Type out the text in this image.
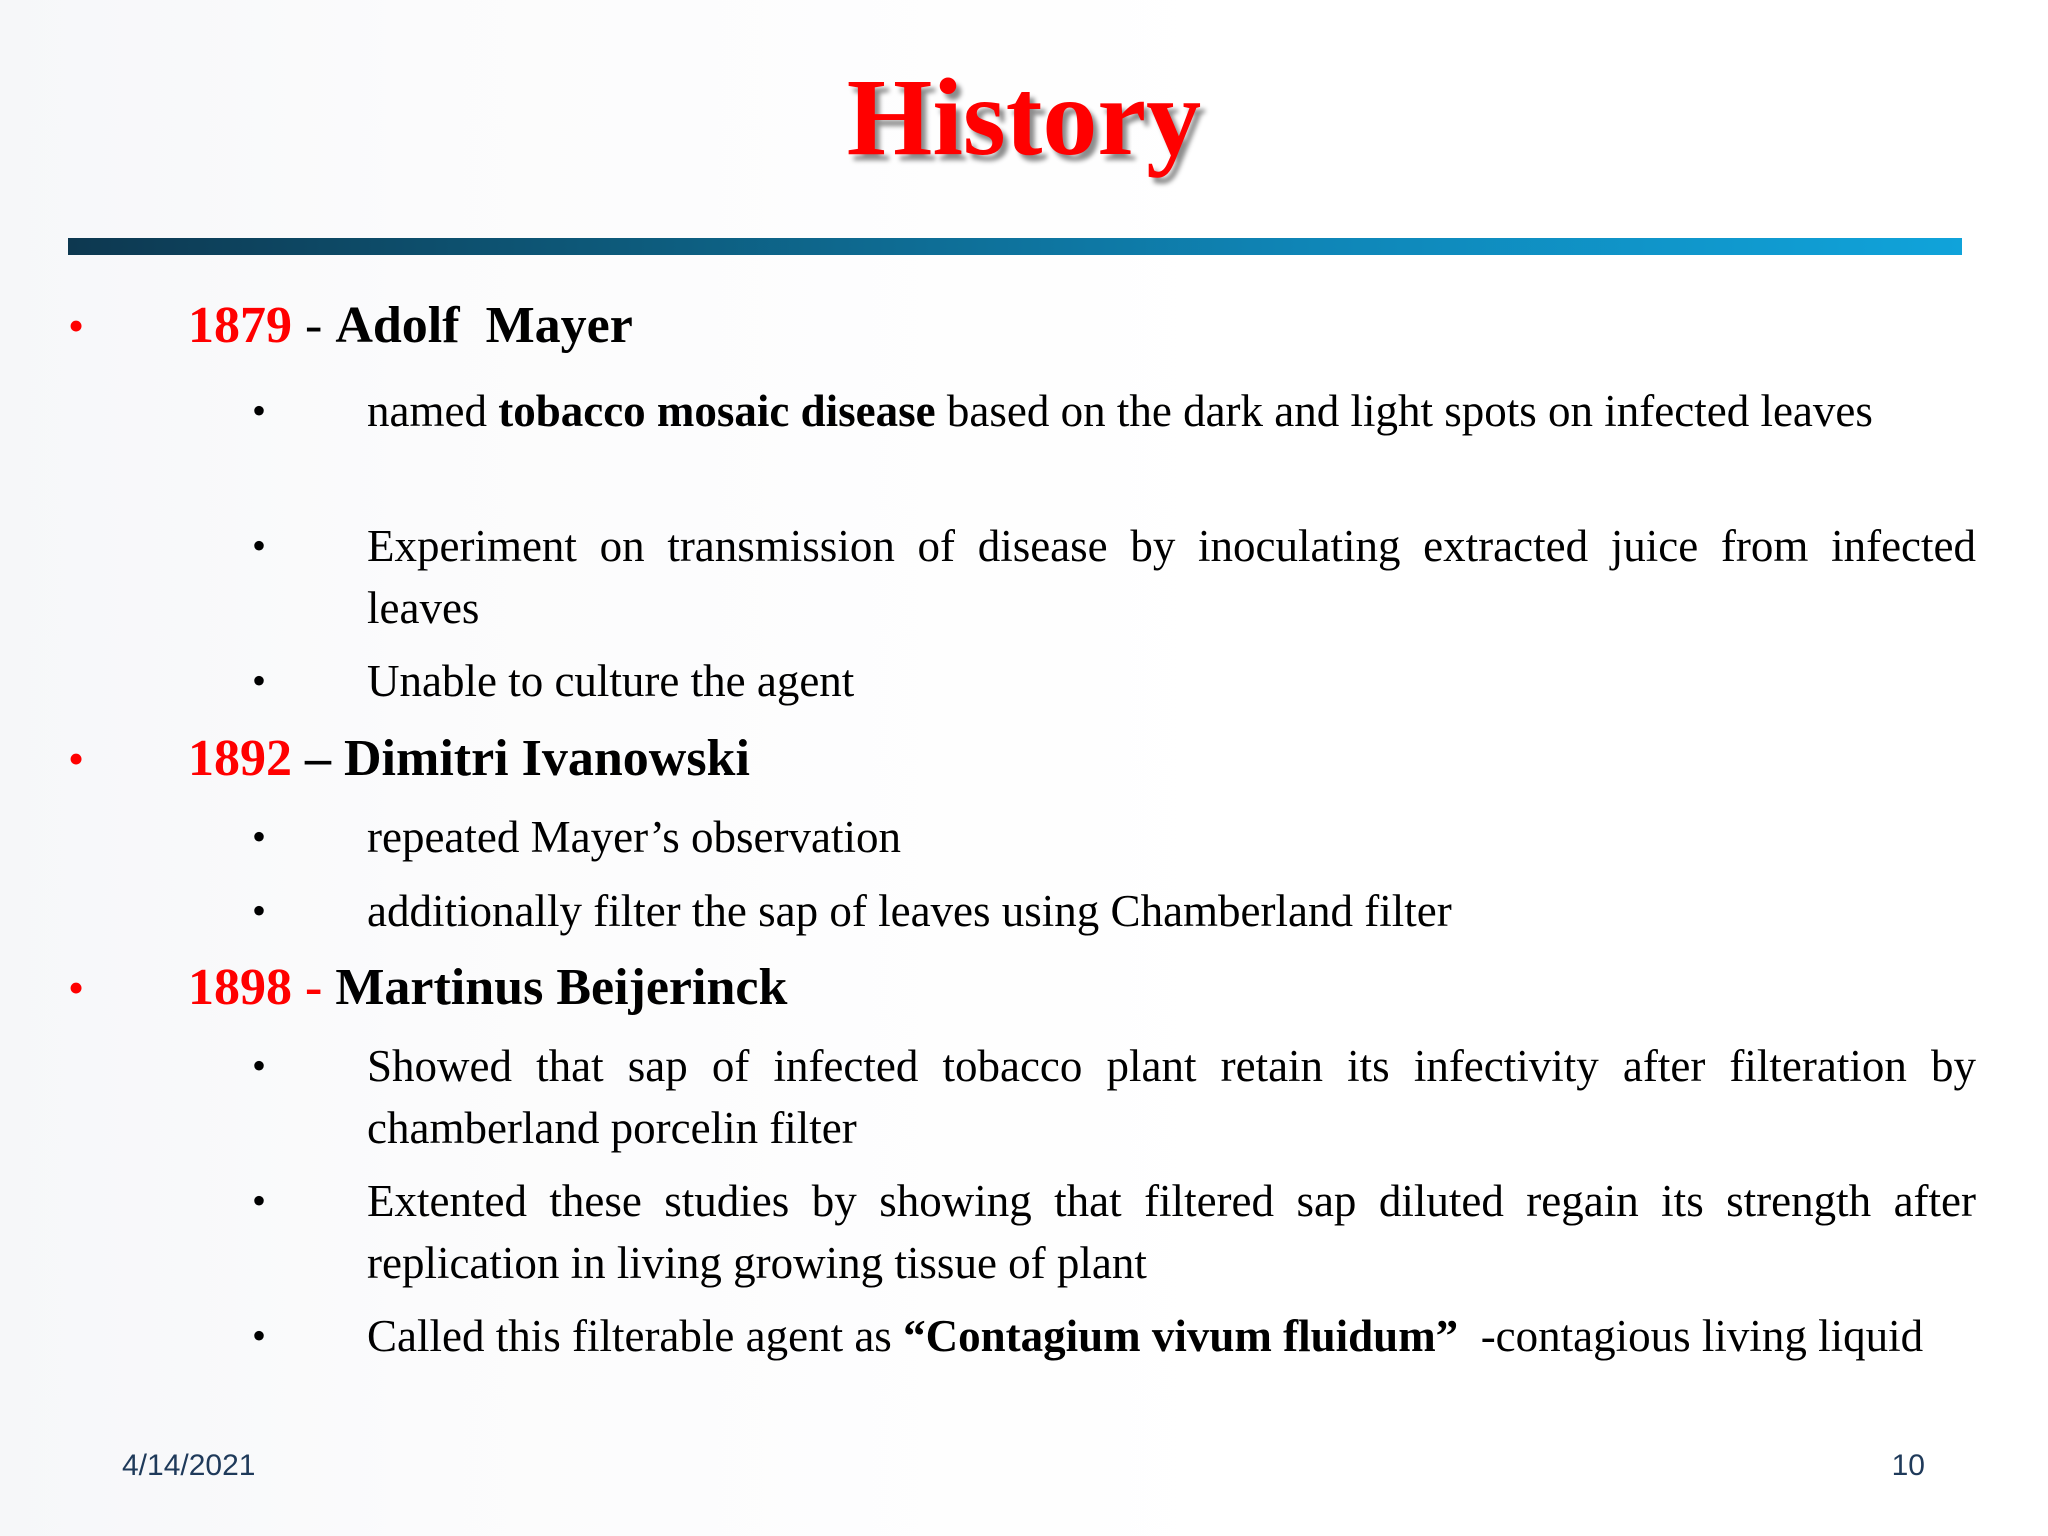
History
• 1879 - Adolf  Mayer
• named tobacco mosaic disease based on the dark and light spots on infected leaves
• Experiment on transmission of disease by inoculating extracted juice from infected leaves
• Unable to culture the agent
• 1892 – Dimitri Ivanowski
• repeated Mayer’s observation
• additionally filter the sap of leaves using Chamberland filter
• 1898 - Martinus Beijerinck
• Showed that sap of infected tobacco plant retain its infectivity after filteration by chamberland porcelin filter
• Extented these studies by showing that filtered sap diluted regain its strength after replication in living growing tissue of plant
• Called this filterable agent as “Contagium vivum fluidum”  -contagious living liquid
4/14/2021	10
